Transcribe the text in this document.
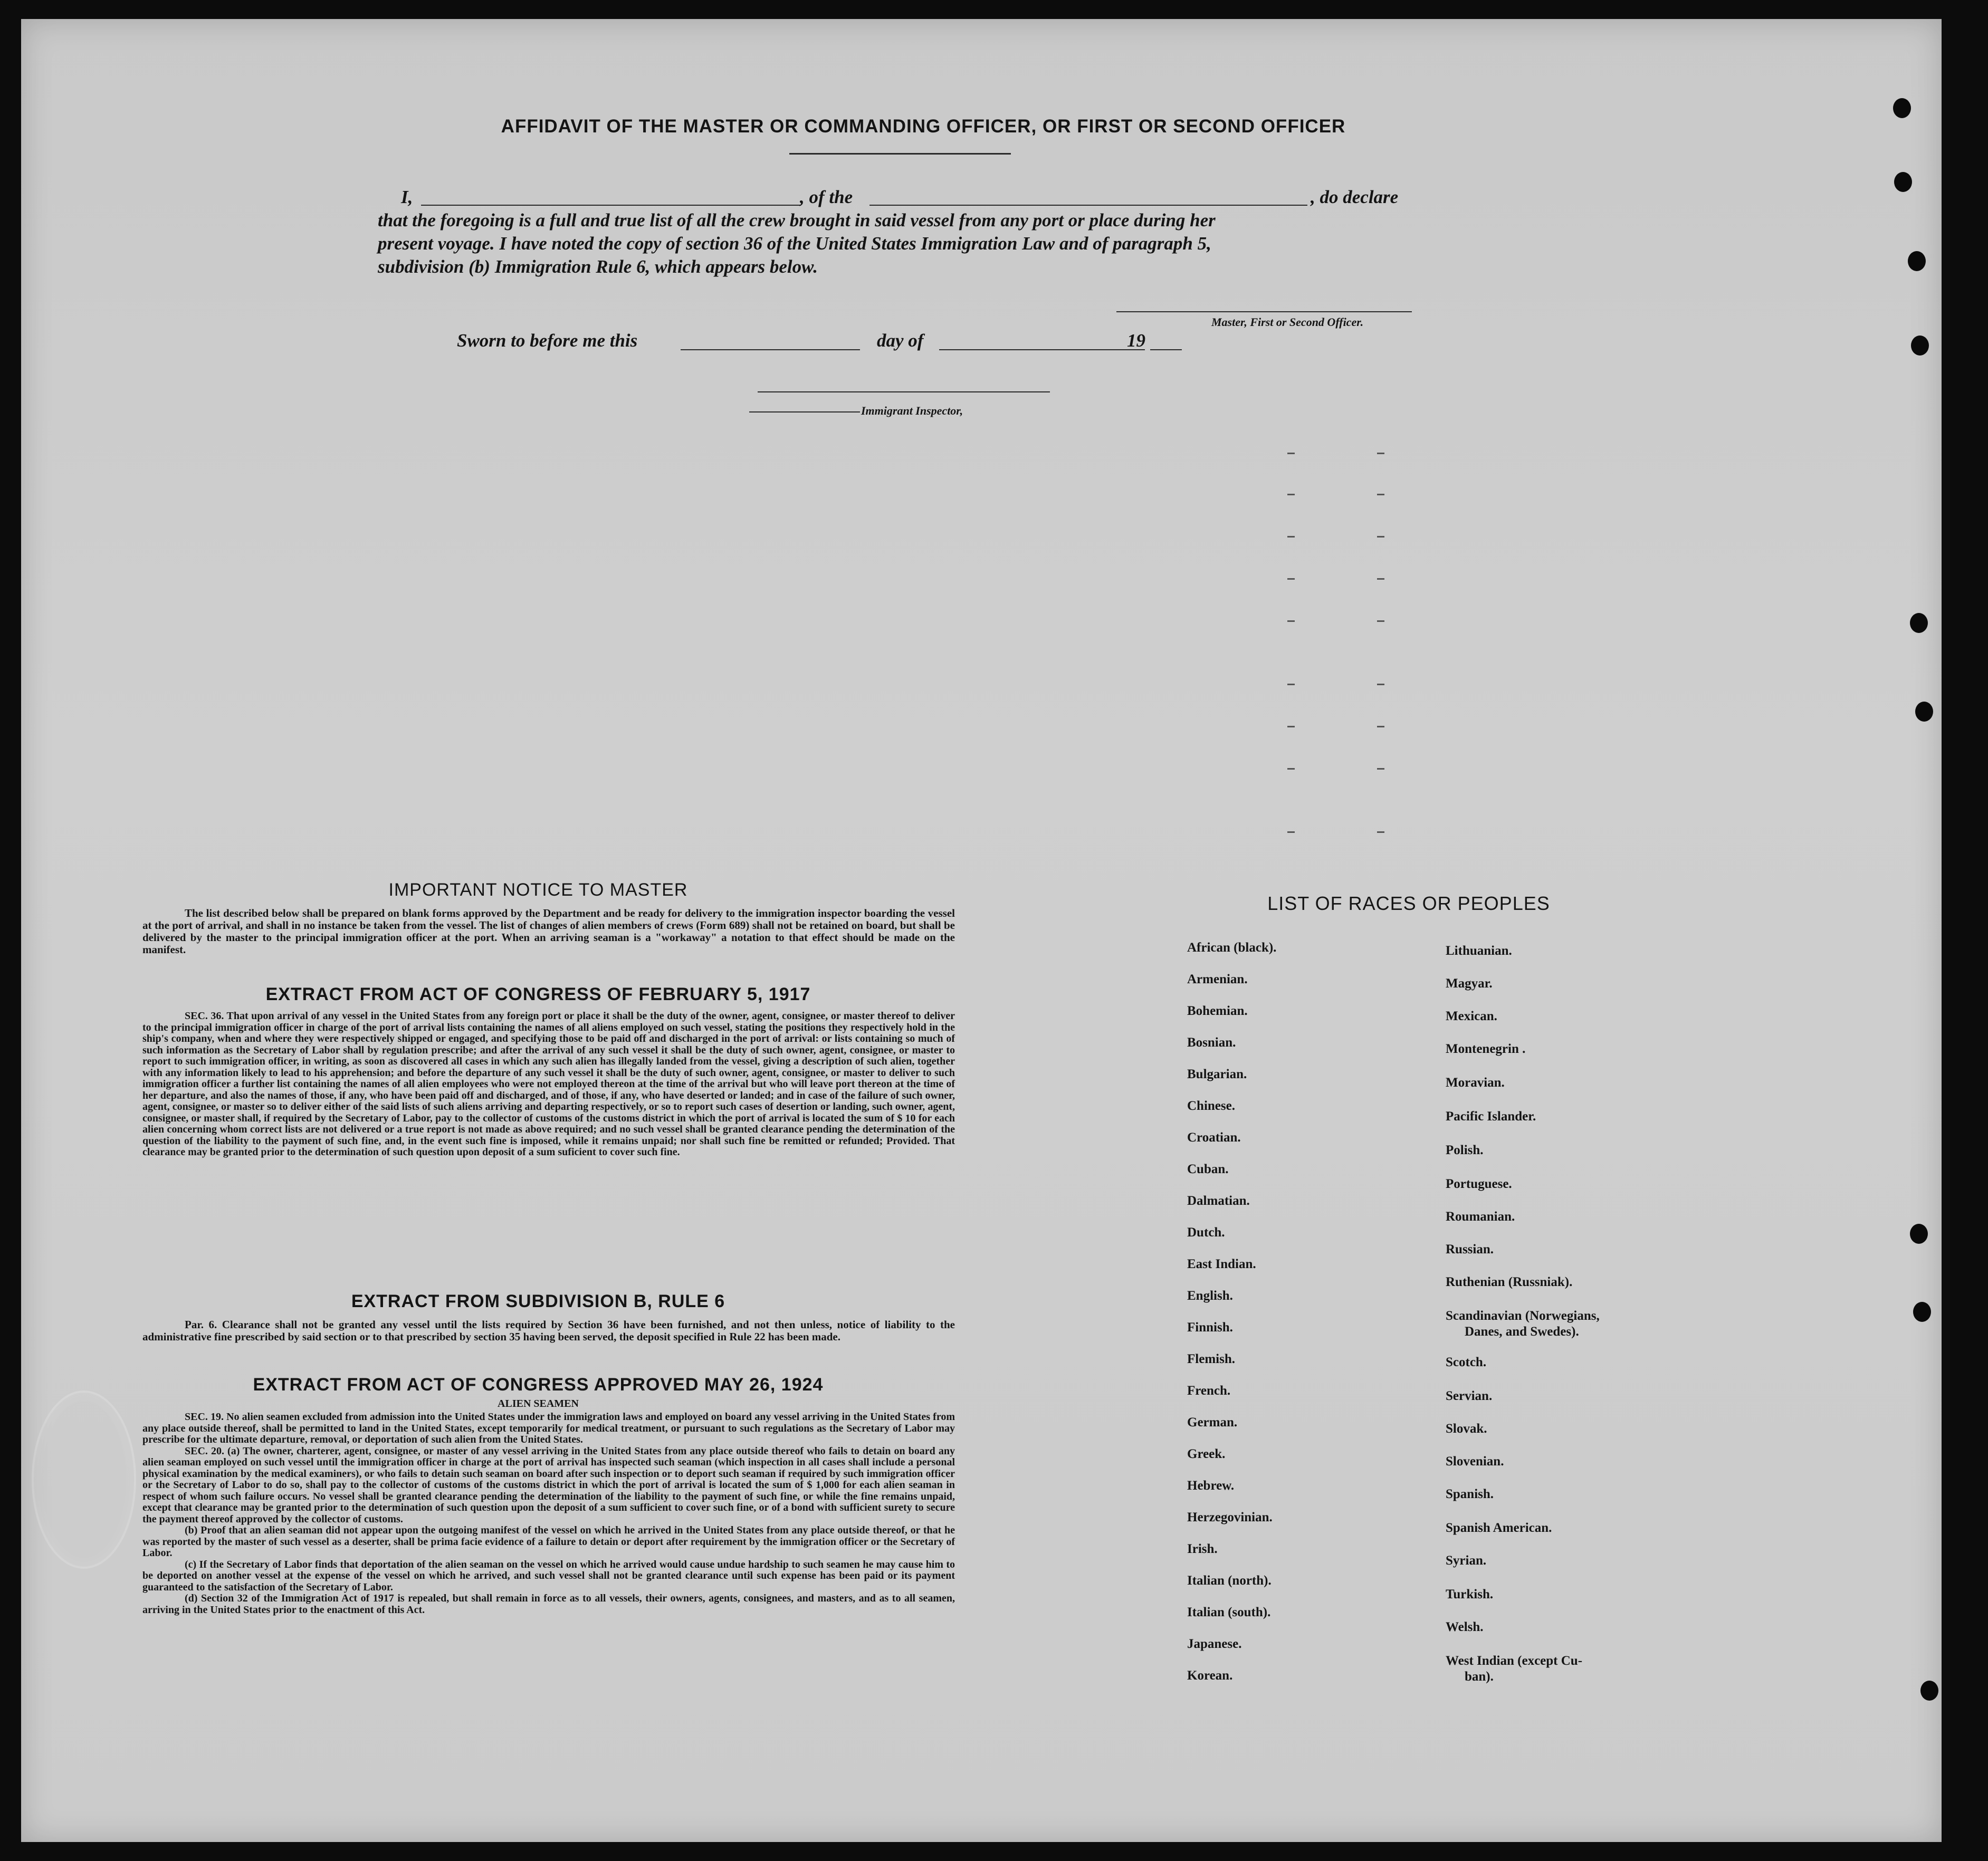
AFFIDAVIT OF THE MASTER OR COMMANDING OFFICER, OR FIRST OR SECOND OFFICER
I,	, of the	, do declare
that the foregoing is a full and true list of all the crew brought in said vessel from any port or place during her
present voyage. I have noted the copy of section 36 of the United States Immigration Law and of paragraph 5,
subdivision (b) Immigration Rule 6, which appears below.
Master, First or Second Officer.
Sworn to before me this	day of	19
Immigrant Inspector,
IMPORTANT NOTICE TO MASTER
The list described below shall be prepared on blank forms approved by the Department and be ready for delivery to the immigration inspector boarding the vessel at the port of arrival, and shall in no instance be taken from the vessel. The list of changes of alien members of crews (Form 689) shall not be retained on board, but shall be delivered by the master to the principal immigration officer at the port. When an arriving seaman is a "workaway" a notation to that effect should be made on the manifest.
EXTRACT FROM ACT OF CONGRESS OF FEBRUARY 5, 1917
SEC. 36. That upon arrival of any vessel in the United States from any foreign port or place it shall be the duty of the owner, agent, consignee, or master thereof to deliver to the principal immigration officer in charge of the port of arrival lists containing the names of all aliens employed on such vessel, stating the positions they respectively hold in the ship's company, when and where they were respectively shipped or engaged, and specifying those to be paid off and discharged in the port of arrival: or lists containing so much of such information as the Secretary of Labor shall by regulation prescribe; and after the arrival of any such vessel it shall be the duty of such owner, agent, consignee, or master to report to such immigration officer, in writing, as soon as discovered all cases in which any such alien has illegally landed from the vessel, giving a description of such alien, together with any information likely to lead to his apprehension; and before the departure of any such vessel it shall be the duty of such owner, agent, consignee, or master to deliver to such immigration officer a further list containing the names of all alien employees who were not employed thereon at the time of the arrival but who will leave port thereon at the time of her departure, and also the names of those, if any, who have been paid off and discharged, and of those, if any, who have deserted or landed; and in case of the failure of such owner, agent, consignee, or master so to deliver either of the said lists of such aliens arriving and departing respectively, or so to report such cases of desertion or landing, such owner, agent, consignee, or master shall, if required by the Secretary of Labor, pay to the collector of customs of the customs district in which the port of arrival is located the sum of $ 10 for each alien concerning whom correct lists are not delivered or a true report is not made as above required; and no such vessel shall be granted clearance pending the determination of the question of the liability to the payment of such fine, and, in the event such fine is imposed, while it remains unpaid; nor shall such fine be remitted or refunded; Provided. That clearance may be granted prior to the determination of such question upon deposit of a sum suficient to cover such fine.
EXTRACT FROM SUBDIVISION B, RULE 6
Par. 6. Clearance shall not be granted any vessel until the lists required by Section 36 have been furnished, and not then unless, notice of liability to the administrative fine prescribed by said section or to that prescribed by section 35 having been served, the deposit specified in Rule 22 has been made.
EXTRACT FROM ACT OF CONGRESS APPROVED MAY 26, 1924
ALIEN SEAMEN
SEC. 19. No alien seamen excluded from admission into the United States under the immigration laws and employed on board any vessel arriving in the United States from any place outside thereof, shall be permitted to land in the United States, except temporarily for medical treatment, or pursuant to such regulations as the Secretary of Labor may prescribe for the ultimate departure, removal, or deportation of such alien from the United States.
SEC. 20. (a) The owner, charterer, agent, consignee, or master of any vessel arriving in the United States from any place outside thereof who fails to detain on board any alien seaman employed on such vessel until the immigration officer in charge at the port of arrival has inspected such seaman (which inspection in all cases shall include a personal physical examination by the medical examiners), or who fails to detain such seaman on board after such inspection or to deport such seaman if required by such immigration officer or the Secretary of Labor to do so, shall pay to the collector of customs of the customs district in which the port of arrival is located the sum of $ 1,000 for each alien seaman in respect of whom such failure occurs. No vessel shall be granted clearance pending the determination of the liability to the payment of such fine, or while the fine remains unpaid, except that clearance may be granted prior to the determination of such question upon the deposit of a sum sufficient to cover such fine, or of a bond with sufficient surety to secure the payment thereof approved by the collector of customs.
(b) Proof that an alien seaman did not appear upon the outgoing manifest of the vessel on which he arrived in the United States from any place outside thereof, or that he was reported by the master of such vessel as a deserter, shall be prima facie evidence of a failure to detain or deport after requirement by the immigration officer or the Secretary of Labor.
(c) If the Secretary of Labor finds that deportation of the alien seaman on the vessel on which he arrived would cause undue hardship to such seamen he may cause him to be deported on another vessel at the expense of the vessel on which he arrived, and such vessel shall not be granted clearance until such expense has been paid or its payment guaranteed to the satisfaction of the Secretary of Labor.
(d) Section 32 of the Immigration Act of 1917 is repealed, but shall remain in force as to all vessels, their owners, agents, consignees, and masters, and as to all seamen, arriving in the United States prior to the enactment of this Act.
LIST OF RACES OR PEOPLES
African (black).
Armenian.
Bohemian.
Bosnian.
Bulgarian.
Chinese.
Croatian.
Cuban.
Dalmatian.
Dutch.
East Indian.
English.
Finnish.
Flemish.
French.
German.
Greek.
Hebrew.
Herzegovinian.
Irish.
Italian (north).
Italian (south).
Japanese.
Korean.
Lithuanian.
Magyar.
Mexican.
Montenegrin .
Moravian.
Pacific Islander.
Polish.
Portuguese.
Roumanian.
Russian.
Ruthenian (Russniak).
Scandinavian (Norwegians,
Danes, and Swedes).
Scotch.
Servian.
Slovak.
Slovenian.
Spanish.
Spanish American.
Syrian.
Turkish.
Welsh.
West Indian (except Cu-
ban).
